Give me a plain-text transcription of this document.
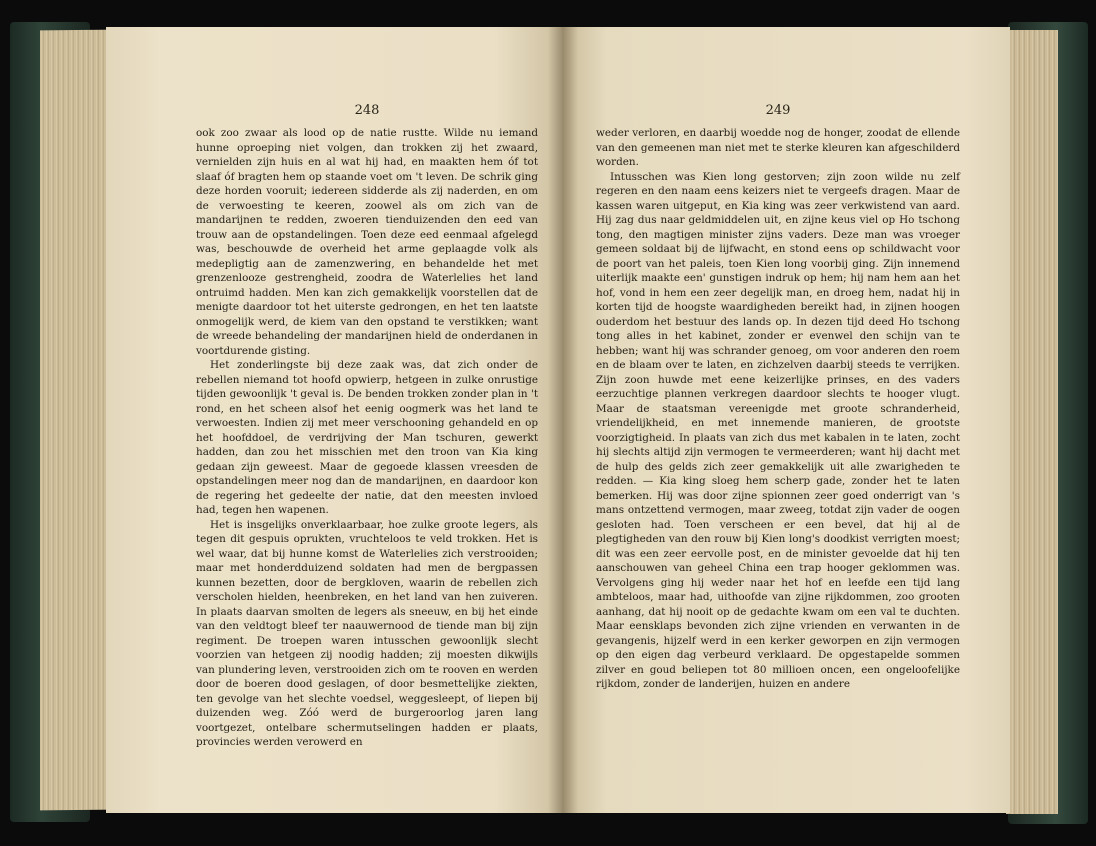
248

ook zoo zwaar als lood op de natie rustte. Wilde nu iemand hunne oproeping niet volgen, dan trokken zij het zwaard, vernielden zijn huis en al wat hij had, en maakten hem óf tot slaaf óf bragten hem op staande voet om 't leven. De schrik ging deze horden vooruit; iedereen sidderde als zij naderden, en om de verwoesting te keeren, zoowel als om zich van de mandarijnen te redden, zwoeren tienduizenden den eed van trouw aan de opstandelingen. Toen deze eed eenmaal afgelegd was, beschouwde de overheid het arme geplaagde volk als medepligtig aan de zamenzwering, en behandelde het met grenzenlooze gestrengheid, zoodra de Waterlelies het land ontruimd hadden. Men kan zich gemakkelijk voorstellen dat de menigte daardoor tot het uiterste gedrongen, en het ten laatste onmogelijk werd, de kiem van den opstand te verstikken; want de wreede behandeling der mandarijnen hield de onderdanen in voortdurende gisting.

Het zonderlingste bij deze zaak was, dat zich onder de rebellen niemand tot hoofd opwierp, hetgeen in zulke onrustige tijden gewoonlijk 't geval is. De benden trokken zonder plan in 't rond, en het scheen alsof het eenig oogmerk was het land te verwoesten. Indien zij met meer verschooning gehandeld en op het hoofddoel, de verdrijving der Man tschuren, gewerkt hadden, dan zou het misschien met den troon van Kia king gedaan zijn geweest. Maar de gegoede klassen vreesden de opstandelingen meer nog dan de mandarijnen, en daardoor kon de regering het gedeelte der natie, dat den meesten invloed had, tegen hen wapenen.

Het is insgelijks onverklaarbaar, hoe zulke groote legers, als tegen dit gespuis oprukten, vruchteloos te veld trokken. Het is wel waar, dat bij hunne komst de Waterlelies zich verstrooiden; maar met honderdduizend soldaten had men de bergpassen kunnen bezetten, door de bergkloven, waarin de rebellen zich verscholen hielden, heenbreken, en het land van hen zuiveren. In plaats daarvan smolten de legers als sneeuw, en bij het einde van den veldtogt bleef ter naauwernood de tiende man bij zijn regiment. De troepen waren intusschen gewoonlijk slecht voorzien van hetgeen zij noodig hadden; zij moesten dikwijls van plundering leven, verstrooiden zich om te rooven en werden door de boeren dood geslagen, of door besmettelijke ziekten, ten gevolge van het slechte voedsel, weggesleept, of liepen bij duizenden weg. Zóó werd de burgeroorlog jaren lang voortgezet, ontelbare schermutselingen hadden er plaats, provincies werden verowerd en

249

weder verloren, en daarbij woedde nog de honger, zoodat de ellende van den gemeenen man niet met te sterke kleuren kan afgeschilderd worden.

Intusschen was Kien long gestorven; zijn zoon wilde nu zelf regeren en den naam eens keizers niet te vergeefs dragen. Maar de kassen waren uitgeput, en Kia king was zeer verkwistend van aard. Hij zag dus naar geldmiddelen uit, en zijne keus viel op Ho tschong tong, den magtigen minister zijns vaders. Deze man was vroeger gemeen soldaat bij de lijfwacht, en stond eens op schildwacht voor de poort van het paleis, toen Kien long voorbij ging. Zijn innemend uiterlijk maakte een' gunstigen indruk op hem; hij nam hem aan het hof, vond in hem een zeer degelijk man, en droeg hem, nadat hij in korten tijd de hoogste waardigheden bereikt had, in zijnen hoogen ouderdom het bestuur des lands op. In dezen tijd deed Ho tschong tong alles in het kabinet, zonder er evenwel den schijn van te hebben; want hij was schrander genoeg, om voor anderen den roem en de blaam over te laten, en zichzelven daarbij steeds te verrijken. Zijn zoon huwde met eene keizerlijke prinses, en des vaders eerzuchtige plannen verkregen daardoor slechts te hooger vlugt. Maar de staatsman vereenigde met groote schranderheid, vriendelijkheid, en met innemende manieren, de grootste voorzigtigheid. In plaats van zich dus met kabalen in te laten, zocht hij slechts altijd zijn vermogen te vermeerderen; want hij dacht met de hulp des gelds zich zeer gemakkelijk uit alle zwarigheden te redden. — Kia king sloeg hem scherp gade, zonder het te laten bemerken. Hij was door zijne spionnen zeer goed onderrigt van 's mans ontzettend vermogen, maar zweeg, totdat zijn vader de oogen gesloten had. Toen verscheen er een bevel, dat hij al de plegtigheden van den rouw bij Kien long's doodkist verrigten moest; dit was een zeer eervolle post, en de minister gevoelde dat hij ten aanschouwen van geheel China een trap hooger geklommen was. Vervolgens ging hij weder naar het hof en leefde een tijd lang ambteloos, maar had, uithoofde van zijne rijkdommen, zoo grooten aanhang, dat hij nooit op de gedachte kwam om een val te duchten. Maar eensklaps bevonden zich zijne vrienden en verwanten in de gevangenis, hijzelf werd in een kerker geworpen en zijn vermogen op den eigen dag verbeurd verklaard. De opgestapelde sommen zilver en goud beliepen tot 80 millioen oncen, een ongeloofelijke rijkdom, zonder de landerijen, huizen en andere
